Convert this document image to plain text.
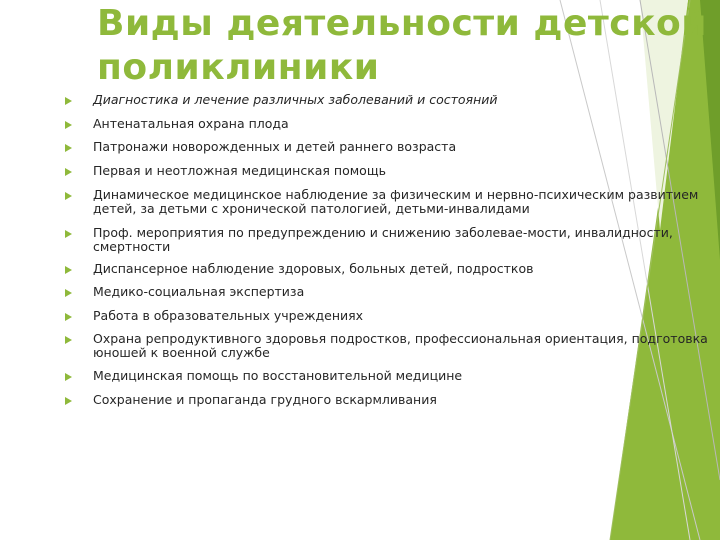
Виды деятельности детской
поликлиники
Диагностика и лечение различных заболеваний и состояний
Антенатальная охрана плода
Патронажи новорожденных и детей раннего возраста
Первая и неотложная медицинская помощь
Динамическое медицинское наблюдение за физическим и нервно-психическим развитием
детей, за детьми с хронической патологией, детьми-инвалидами
Проф. мероприятия по предупреждению и снижению заболевае-мости, инвалидности,
смертности
Диспансерное наблюдение здоровых, больных детей, подростков
Медико-социальная экспертиза
Работа в образовательных учреждениях
Охрана репродуктивного здоровья подростков, профессиональная ориентация, подготовка
юношей к военной службе
Медицинская помощь по восстановительной медицине
Сохранение и пропаганда грудного вскармливания
